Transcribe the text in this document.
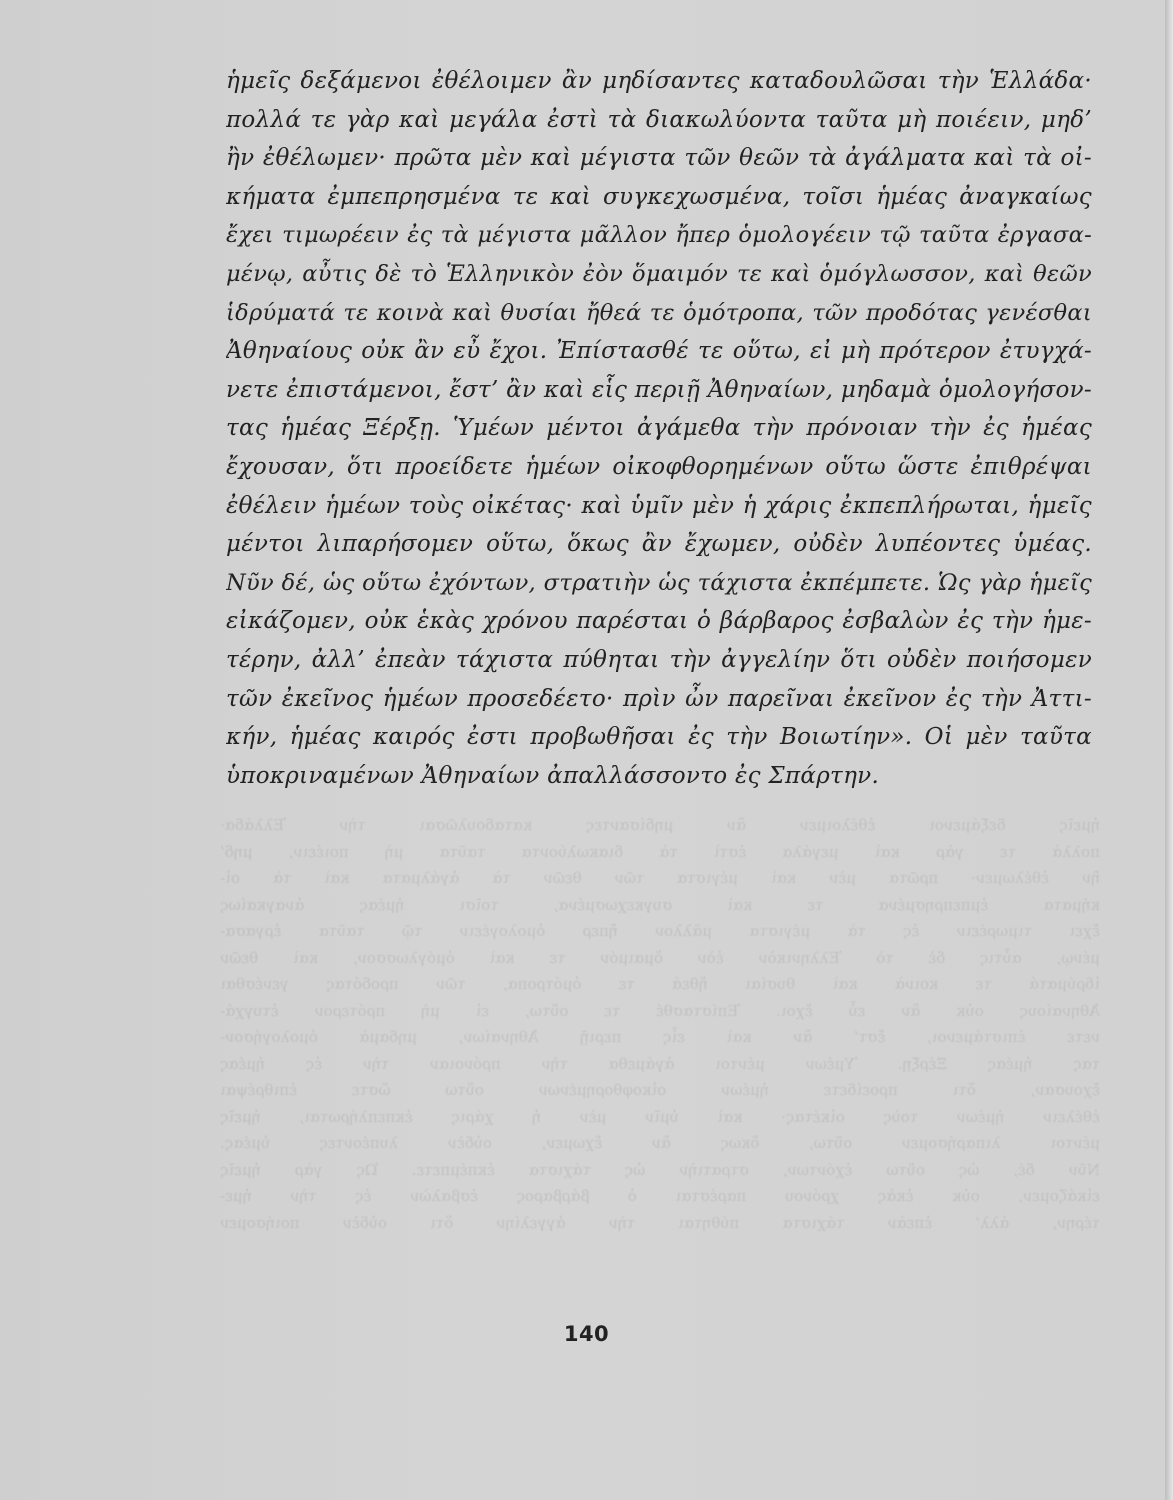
ἡμεῖς δεξάμενοι ἐθέλοιμεν ἂν μηδίσαντες καταδουλῶσαι τὴν Ἑλλάδα·
πολλά τε γὰρ καὶ μεγάλα ἐστὶ τὰ διακωλύοντα ταῦτα μὴ ποιέειν, μηδ’
ἢν ἐθέλωμεν· πρῶτα μὲν καὶ μέγιστα τῶν θεῶν τὰ ἀγάλματα καὶ τὰ οἰ-
κήματα ἐμπεπρησμένα τε καὶ συγκεχωσμένα, τοῖσι ἡμέας ἀναγκαίως
ἔχει τιμωρέειν ἐς τὰ μέγιστα μᾶλλον ἤπερ ὁμολογέειν τῷ ταῦτα ἐργασα-
μένῳ, αὖτις δὲ τὸ Ἑλληνικὸν ἐὸν ὅμαιμόν τε καὶ ὁμόγλωσσον, καὶ θεῶν
ἱδρύματά τε κοινὰ καὶ θυσίαι ἤθεά τε ὁμότροπα, τῶν προδότας γενέσθαι
Ἀθηναίους οὐκ ἂν εὖ ἔχοι. Ἐπίστασθέ τε οὕτω, εἰ μὴ πρότερον ἐτυγχά-
νετε ἐπιστάμενοι, ἔστ’ ἂν καὶ εἷς περιῇ Ἀθηναίων, μηδαμὰ ὁμολογήσον-
τας ἡμέας Ξέρξῃ. Ὑμέων μέντοι ἀγάμεθα τὴν πρόνοιαν τὴν ἐς ἡμέας
ἔχουσαν, ὅτι προείδετε ἡμέων οἰκοφθορημένων οὕτω ὥστε ἐπιθρέψαι
ἐθέλειν ἡμέων τοὺς οἰκέτας· καὶ ὑμῖν μὲν ἡ χάρις ἐκπεπλήρωται, ἡμεῖς
μέντοι λιπαρήσομεν οὕτω, ὅκως ἂν ἔχωμεν, οὐδὲν λυπέοντες ὑμέας.
Νῦν δέ, ὡς οὕτω ἐχόντων, στρατιὴν ὡς τάχιστα ἐκπέμπετε. Ὡς γὰρ ἡμεῖς
εἰκάζομεν, οὐκ ἑκὰς χρόνου παρέσται ὁ βάρβαρος ἐσβαλὼν ἐς τὴν ἡμε-
τέρην, ἀλλ’ ἐπεὰν τάχιστα πύθηται τὴν ἀγγελίην ὅτι οὐδὲν ποιήσομεν
ἡμεῖς δεξάμενοι ἐθέλοιμεν ἂν μηδίσαντες καταδουλῶσαι τὴν Ἑλλάδα·
πολλά τε γὰρ καὶ μεγάλα ἐστὶ τὰ διακωλύοντα ταῦτα μὴ ποιέειν, μηδ’
ἢν ἐθέλωμεν· πρῶτα μὲν καὶ μέγιστα τῶν θεῶν τὰ ἀγάλματα καὶ τὰ οἰ-
κήματα ἐμπεπρησμένα τε καὶ συγκεχωσμένα, τοῖσι ἡμέας ἀναγκαίως
ἔχει τιμωρέειν ἐς τὰ μέγιστα μᾶλλον ἤπερ ὁμολογέειν τῷ ταῦτα ἐργασα-
μένῳ, αὖτις δὲ τὸ Ἑλληνικὸν ἐὸν ὅμαιμόν τε καὶ ὁμόγλωσσον, καὶ θεῶν
ἱδρύματά τε κοινὰ καὶ θυσίαι ἤθεά τε ὁμότροπα, τῶν προδότας γενέσθαι
Ἀθηναίους οὐκ ἂν εὖ ἔχοι. Ἐπίστασθέ τε οὕτω, εἰ μὴ πρότερον ἐτυγχά-
νετε ἐπιστάμενοι, ἔστ’ ἂν καὶ εἷς περιῇ Ἀθηναίων, μηδαμὰ ὁμολογήσον-
τας ἡμέας Ξέρξῃ. Ὑμέων μέντοι ἀγάμεθα τὴν πρόνοιαν τὴν ἐς ἡμέας
ἔχουσαν, ὅτι προείδετε ἡμέων οἰκοφθορημένων οὕτω ὥστε ἐπιθρέψαι
ἐθέλειν ἡμέων τοὺς οἰκέτας· καὶ ὑμῖν μὲν ἡ χάρις ἐκπεπλήρωται, ἡμεῖς
μέντοι λιπαρήσομεν οὕτω, ὅκως ἂν ἔχωμεν, οὐδὲν λυπέοντες ὑμέας.
Νῦν δέ, ὡς οὕτω ἐχόντων, στρατιὴν ὡς τάχιστα ἐκπέμπετε. Ὡς γὰρ ἡμεῖς
εἰκάζομεν, οὐκ ἑκὰς χρόνου παρέσται ὁ βάρβαρος ἐσβαλὼν ἐς τὴν ἡμε-
τέρην, ἀλλ’ ἐπεὰν τάχιστα πύθηται τὴν ἀγγελίην ὅτι οὐδὲν ποιήσομεν
τῶν ἐκεῖνος ἡμέων προσεδέετο· πρὶν ὦν παρεῖναι ἐκεῖνον ἐς τὴν Ἀττι-
κήν, ἡμέας καιρός ἐστι προβωθῆσαι ἐς τὴν Βοιωτίην». Οἱ μὲν ταῦτα
ὑποκριναμένων Ἀθηναίων ἀπαλλάσσοντο ἐς Σπάρτην.
140
